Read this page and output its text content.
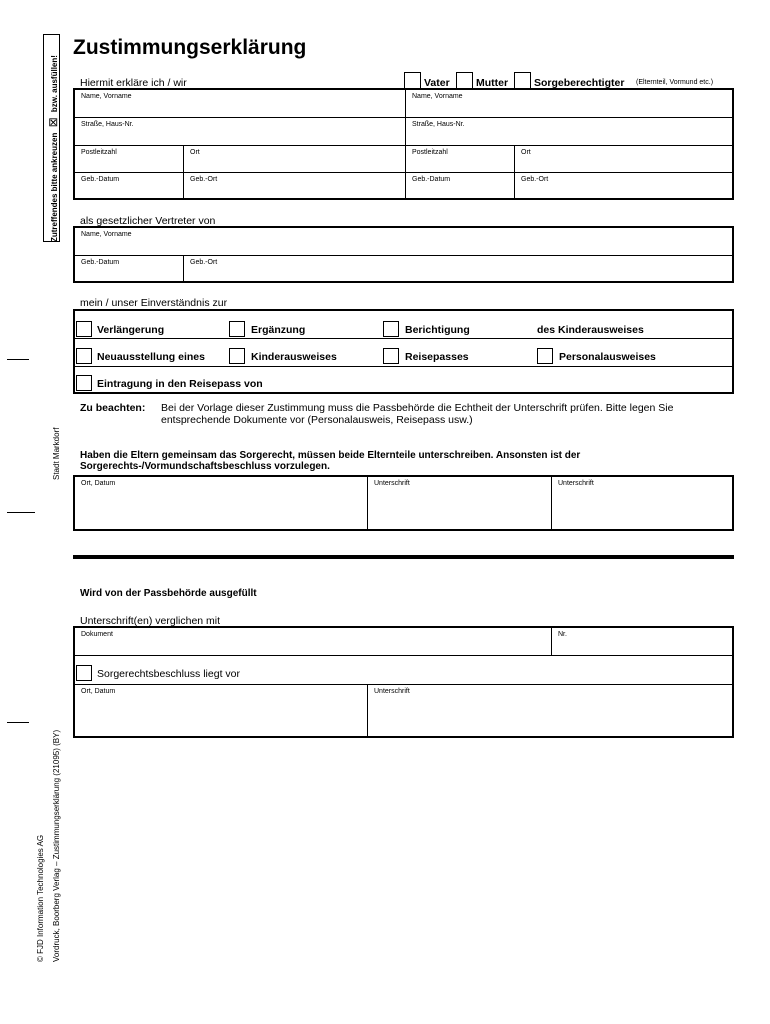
Zutreffendes bitte ankreuzen ⊠ bzw. ausfüllen!
Stadt Markdorf
© FJD Information Technologies AG Vordruck, Boorberg Verlag – Zustimmungserklärung (21095) (BY)
Zustimmungserklärung
Hiermit erkläre ich / wir	Vater	Mutter Sorgeberechtigter (Elternteil, Vormund etc.)
Name, Vorname	Name, Vorname
Straße, Haus-Nr.	Straße, Haus-Nr.
Postleitzahl	Ort	Postleitzahl	Ort
Geb.-Datum	Geb.-Ort	Geb.-Datum	Geb.-Ort
als gesetzlicher Vertreter von
Name, Vorname
Geb.-Datum	Geb.-Ort
mein / unser Einverständnis zur
Verlängerung	Ergänzung	Berichtigung	des Kinderausweises
Neuausstellung eines	Kinderausweises	Reisepasses	Personalausweises
Eintragung in den Reisepass von
Zu beachten: Bei der Vorlage dieser Zustimmung muss die Passbehörde die Echtheit der Unterschrift prüfen. Bitte legen Sie
entsprechende Dokumente vor (Personalausweis, Reisepass usw.)
Haben die Eltern gemeinsam das Sorgerecht, müssen beide Elternteile unterschreiben. Ansonsten ist der
Sorgerechts-/Vormundschaftsbeschluss vorzulegen.
Ort, Datum	Unterschrift	Unterschrift
Wird von der Passbehörde ausgefüllt
Unterschrift(en) verglichen mit
Dokument	Nr.
Ort, Datum	Unterschrift
Sorgerechtsbeschluss liegt vor
